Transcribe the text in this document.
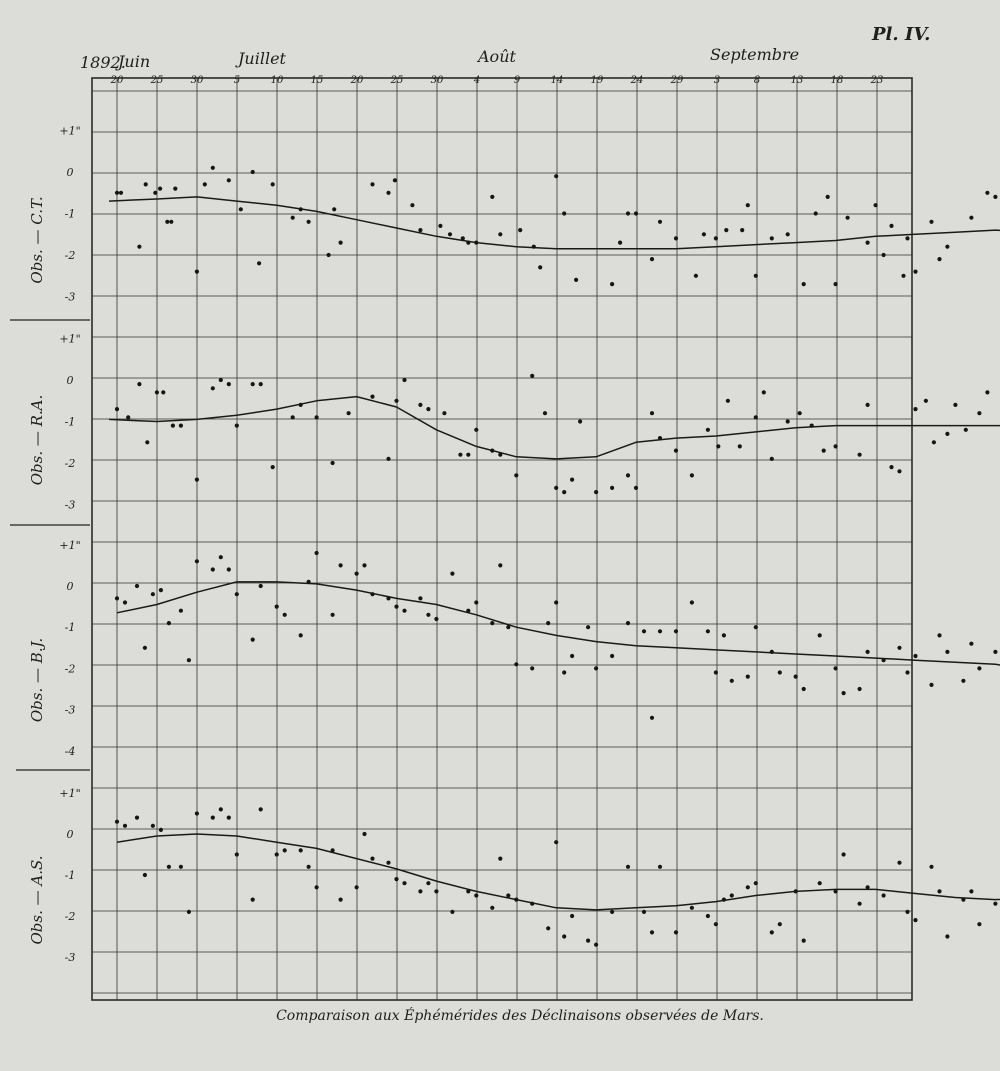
20	25	30	5	10	15	20	25	30	4	9	14	19	24	29	3	8	13	18	23
+1"
0
-1
-2
-3
Obs. — C.T.
+1"
0
-1
-2
-3
Obs. — R.A.
+1"
0
-1
-2
-3
-4
Obs. — B.J.
+1"
0
-1
-2
-3
Obs. — A.S.
Pl. IV.
1892.
Juin	Juillet	Août	Septembre
Comparaison aux Éphémérides des Déclinaisons observées de Mars.
